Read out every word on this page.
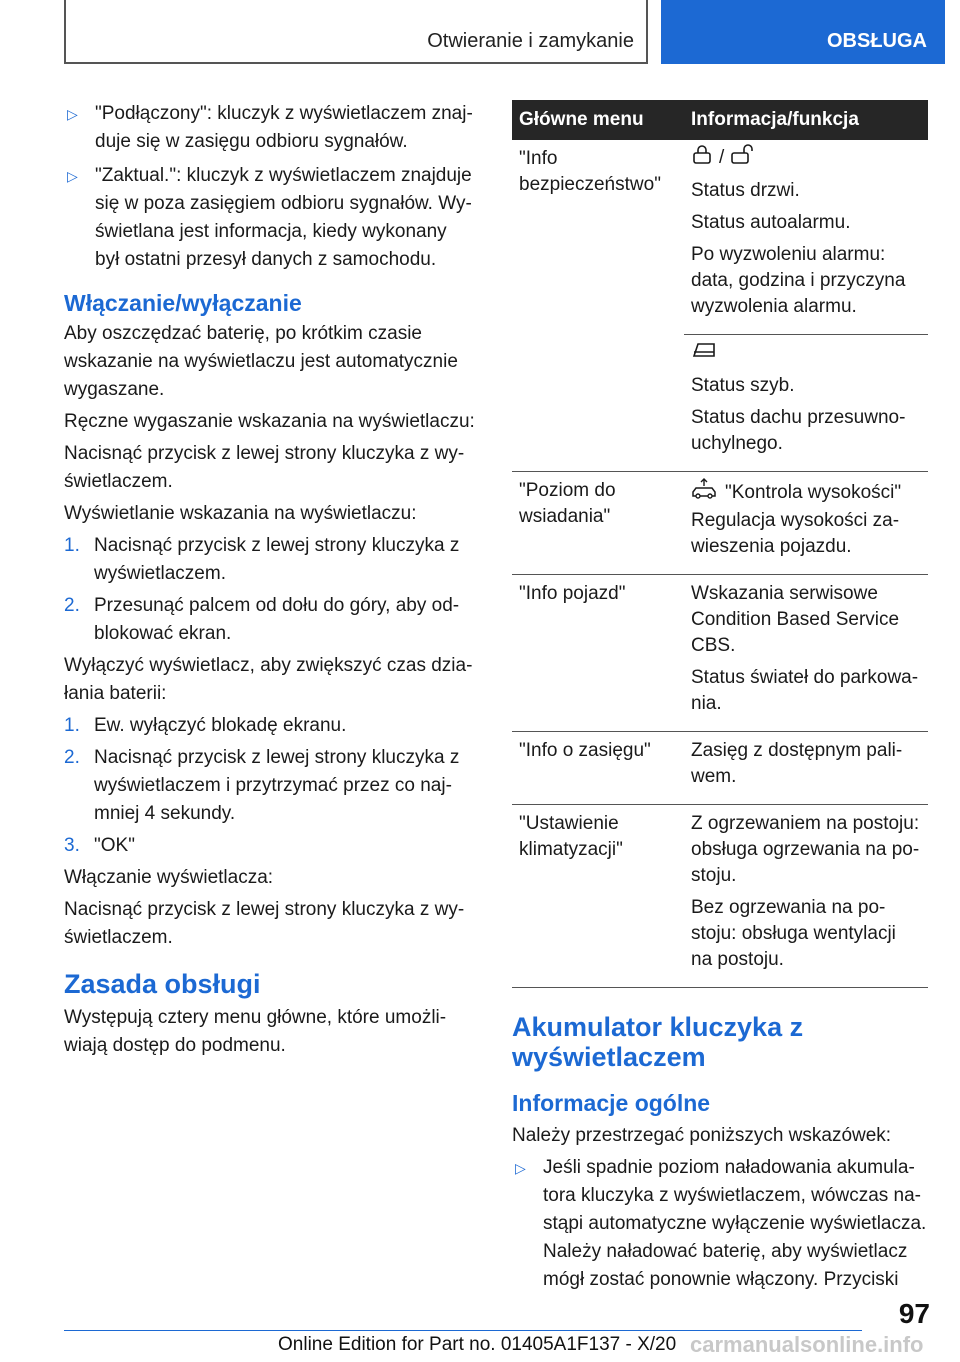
Otwieranie i zamykanie	OBSŁUGA
▷ "Podłączony": kluczyk z wyświetlaczem znajduje się w zasięgu odbioru sygnałów.
▷ "Zaktual.": kluczyk z wyświetlaczem znajduje się w poza zasięgiem odbioru sygnałów. Wyświetlana jest informacja, kiedy wykonany był ostatni przesył danych z samochodu.
Włączanie/wyłączanie

Aby oszczędzać baterię, po krótkim czasie wskazanie na wyświetlaczu jest automatycznie wygaszane.

Ręczne wygaszanie wskazania na wyświetlaczu:

Nacisnąć przycisk z lewej strony kluczyka z wyświetlaczem.

Wyświetlanie wskazania na wyświetlaczu:

1. Nacisnąć przycisk z lewej strony kluczyka z wyświetlaczem.
2. Przesunąć palcem od dołu do góry, aby odblokować ekran.

Wyłączyć wyświetlacz, aby zwiększyć czas działania baterii:

1. Ew. wyłączyć blokadę ekranu.
2. Nacisnąć przycisk z lewej strony kluczyka z wyświetlaczem i przytrzymać przez co najmniej 4 sekundy.
3. "OK"

Włączanie wyświetlacza:

Nacisnąć przycisk z lewej strony kluczyka z wyświetlaczem.

Zasada obsługi

Występują cztery menu główne, które umożliwiają dostęp do podmenu.

Główne menu	Informacja/funkcja
"Info bezpieczeństwo"	/

Status drzwi.

Status autoalarmu.

Po wyzwoleniu alarmu: data, godzina i przyczyna wyzwolenia alarmu.

	Status szyb.

Status dachu przesuwnouchylnego.

"Poziom do wsiadania"	"Kontrola wysokości"

Regulacja wysokości zawieszenia pojazdu.

"Info pojazd"	Wskazania serwisowe Condition Based Service CBS.

Status świateł do parkowania.

"Info o zasięgu"	Zasięg z dostępnym paliwem.

"Ustawienie klimatyzacji"	Z ogrzewaniem na postoju: obsługa ogrzewania na postoju.

Bez ogrzewania na postoju: obsługa wentylacji na postoju.

Akumulator kluczyka z wyświetlaczem
Informacje ogólne

Należy przestrzegać poniższych wskazówek:

▷ Jeśli spadnie poziom naładowania akumulatora kluczyka z wyświetlaczem, wówczas nastąpi automatyczne wyłączenie wyświetlacza. Należy naładować baterię, aby wyświetlacz mógł zostać ponownie włączony. Przyciski
97
Online Edition for Part no. 01405A1F137 - X/20 carmanualsonline.info
